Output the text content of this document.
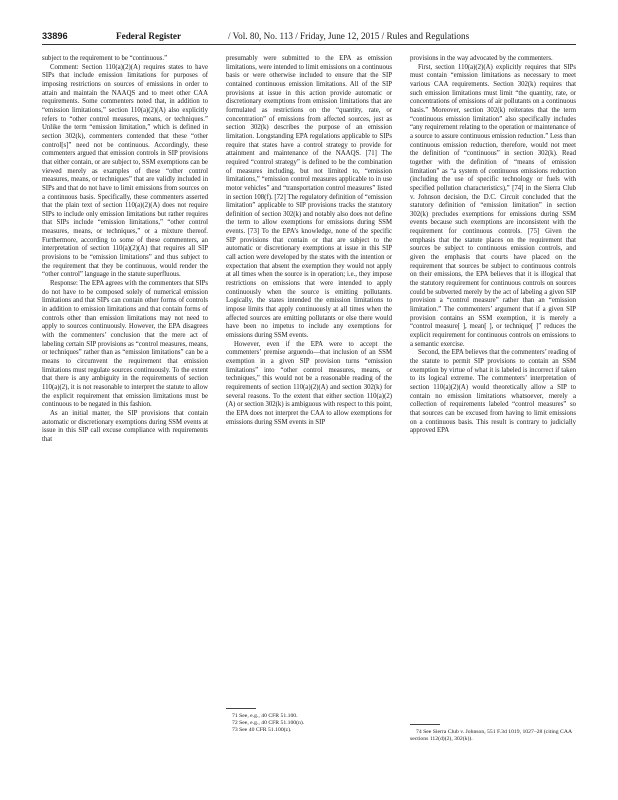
33896	Federal Register	/ Vol. 80, No. 113 / Friday, June 12, 2015 / Rules and Regulations

subject to the requirement to be “continuous.”

Comment: Section 110(a)(2)(A) requires states to have SIPs that include emission limitations for purposes of imposing restrictions on sources of emissions in order to attain and maintain the NAAQS and to meet other CAA requirements. Some commenters noted that, in addition to “emission limitations,” section 110(a)(2)(A) also explicitly refers to “other control measures, means, or techniques.” Unlike the term “emission limitation,” which is defined in section 302(k), commenters contended that these “other control[s]” need not be continuous. Accordingly, these commenters argued that emission controls in SIP provisions that either contain, or are subject to, SSM exemptions can be viewed merely as examples of these “other control measures, means, or techniques” that are validly included in SIPs and that do not have to limit emissions from sources on a continuous basis. Specifically, these commenters asserted that the plain text of section 110(a)(2)(A) does not require SIPs to include only emission limitations but rather requires that SIPs include “emission limitations,” “other control measures, means, or techniques,” or a mixture thereof. Furthermore, according to some of these commenters, an interpretation of section 110(a)(2)(A) that requires all SIP provisions to be “emission limitations” and thus subject to the requirement that they be continuous, would render the “other control” language in the statute superfluous.

Response: The EPA agrees with the commenters that SIPs do not have to be composed solely of numerical emission limitations and that SIPs can contain other forms of controls in addition to emission limitations and that contain forms of controls other than emission limitations may not need to apply to sources continuously. However, the EPA disagrees with the commenters’ conclusion that the mere act of labeling certain SIP provisions as “control measures, means, or techniques” rather than as “emission limitations” can be a means to circumvent the requirement that emission limitations must regulate sources continuously. To the extent that there is any ambiguity in the requirements of section 110(a)(2), it is not reasonable to interpret the statute to allow the explicit requirement that emission limitations must be continuous to be negated in this fashion.

As an initial matter, the SIP provisions that contain automatic or discretionary exemptions during SSM events at issue in this SIP call excuse compliance with requirements that

presumably were submitted to the EPA as emission limitations, were intended to limit emissions on a continuous basis or were otherwise included to ensure that the SIP contained continuous emission limitations. All of the SIP provisions at issue in this action provide automatic or discretionary exemptions from emission limitations that are formulated as restrictions on the “quantity, rate, or concentration” of emissions from affected sources, just as section 302(k) describes the purpose of an emission limitation. Longstanding EPA regulations applicable to SIPs require that states have a control strategy to provide for attainment and maintenance of the NAAQS. [71] The required “control strategy” is defined to be the combination of measures including, but not limited to, “emission limitations,” “emission control measures applicable to in use motor vehicles” and “transportation control measures” listed in section 108(f). [72] The regulatory definition of “emission limitation” applicable to SIP provisions tracks the statutory definition of section 302(k) and notably also does not define the term to allow exemptions for emissions during SSM events. [73] To the EPA’s knowledge, none of the specific SIP provisions that contain or that are subject to the automatic or discretionary exemptions at issue in this SIP call action were developed by the states with the intention or expectation that absent the exemption they would not apply at all times when the source is in operation; i.e., they impose restrictions on emissions that were intended to apply continuously when the source is emitting pollutants. Logically, the states intended the emission limitations to impose limits that apply continuously at all times when the affected sources are emitting pollutants or else there would have been no impetus to include any exemptions for emissions during SSM events.

However, even if the EPA were to accept the commenters’ premise arguendo—that inclusion of an SSM exemption in a given SIP provision turns “emission limitations” into “other control measures, means, or techniques,” this would not be a reasonable reading of the requirements of section 110(a)(2)(A) and section 302(k) for several reasons. To the extent that either section 110(a)(2)(A) or section 302(k) is ambiguous with respect to this point, the EPA does not interpret the CAA to allow exemptions for emissions during SSM events in SIP

71 See, e.g., 40 CFR 51.100.

72 See, e.g., 40 CFR 51.100(n).

73 See 40 CFR 51.100(z).

provisions in the way advocated by the commenters.

First, section 110(a)(2)(A) explicitly requires that SIPs must contain “emission limitations as necessary to meet various CAA requirements. Section 302(k) requires that such emission limitations must limit “the quantity, rate, or concentrations of emissions of air pollutants on a continuous basis.” Moreover, section 302(k) reiterates that the term “continuous emission limitation” also specifically includes “any requirement relating to the operation or maintenance of a source to assure continuous emission reduction.” Less than continuous emission reduction, therefore, would not meet the definition of “continuous” in section 302(k). Read together with the definition of “means of emission limitation” as “a system of continuous emissions reduction (including the use of specific technology or fuels with specified pollution characteristics),” [74] in the Sierra Club v. Johnson decision, the D.C. Circuit concluded that the statutory definition of “emission limitation” in section 302(k) precludes exemptions for emissions during SSM events because such exemptions are inconsistent with the requirement for continuous controls. [75] Given the emphasis that the statute places on the requirement that sources be subject to continuous emission controls, and given the emphasis that courts have placed on the requirement that sources be subject to continuous controls on their emissions, the EPA believes that it is illogical that the statutory requirement for continuous controls on sources could be subverted merely by the act of labeling a given SIP provision a “control measure” rather than an “emission limitation.” The commenters’ argument that if a given SIP provision contains an SSM exemption, it is merely a “control measure[ ], mean[ ], or technique[ ]” reduces the explicit requirement for continuous controls on emissions to a semantic exercise.

Second, the EPA believes that the commenters’ reading of the statute to permit SIP provisions to contain an SSM exemption by virtue of what it is labeled is incorrect if taken to its logical extreme. The commenters’ interpretation of section 110(a)(2)(A) would theoretically allow a SIP to contain no emission limitations whatsoever, merely a collection of requirements labeled “control measures” so that sources can be excused from having to limit emissions on a continuous basis. This result is contrary to judicially approved EPA

74 See Sierra Club v. Johnson, 551 F.3d 1019, 1027–28 (citing CAA sections 112(d)(2), 302(k)).
